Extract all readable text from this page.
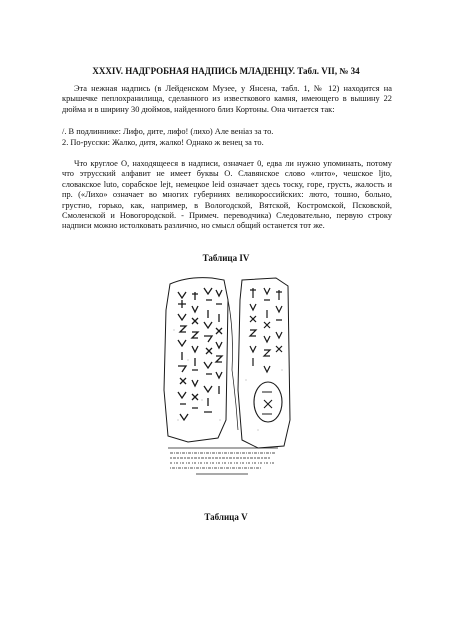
XXXIV. НАДГРОБНАЯ НАДПИСЬ МЛАДЕНЦУ. Табл. VII, № 34

Эта нежная надпись (в Лейденском Музее, у Янсена, табл. 1, № 12) находится на крышечке пеплохранилища, сделанного из известкового камня, имеющего в вышину 22 дюйма и в ширину 30 дюймов, найденного близ Кортоны. Она читается так:

/. В подлиннике: Лифо, дите, лифо! (лихо) Але веніаз за то.
2. По-русски: Жалко, дитя, жалко! Однако ж венец за то.

Что круглое О, находящееся в надписи, означает 0, едва ли нужно упоминать, потому что этрусский алфавит не имеет буквы О. Славянское слово «лито», чешское ljto, словакское luto, сорабское lejt, немецкое leid означает здесь тоску, горе, грусть, жалость и пр. («Лихо» означает во многих губерниях великороссийских: лютo, тошно, больно, грустно, горько, как, например, в Вологодской, Вятской, Костромской, Псковской, Смоленской и Новогородской. - Примеч. переводчика) Следовательно, первую строку надписи можно истолковать различно, но смысл общий останется тот же.

Таблица IV
Таблица V
